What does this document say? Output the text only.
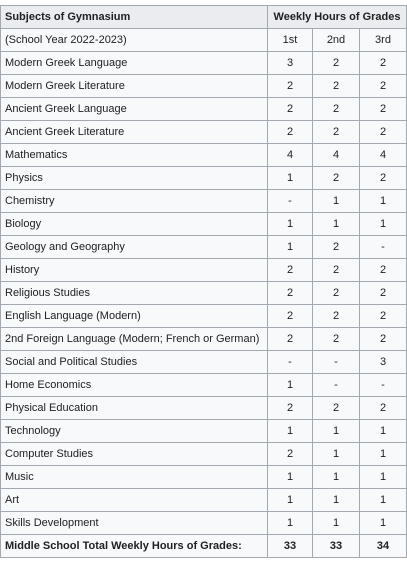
Subjects of Gymnasium	Weekly Hours of Grades		
(School Year 2022-2023)	1st	2nd	3rd
Modern Greek Language	3	2	2
Modern Greek Literature	2	2	2
Ancient Greek Language	2	2	2
Ancient Greek Literature	2	2	2
Mathematics	4	4	4
Physics	1	2	2
Chemistry	-	1	1
Biology	1	1	1
Geology and Geography	1	2	-
History	2	2	2
Religious Studies	2	2	2
English Language (Modern)	2	2	2
2nd Foreign Language (Modern; French or German)	2	2	2
Social and Political Studies	-	-	3
Home Economics	1	-	-
Physical Education	2	2	2
Technology	1	1	1
Computer Studies	2	1	1
Music	1	1	1
Art	1	1	1
Skills Development	1	1	1
Middle School Total Weekly Hours of Grades:	33	33	34
